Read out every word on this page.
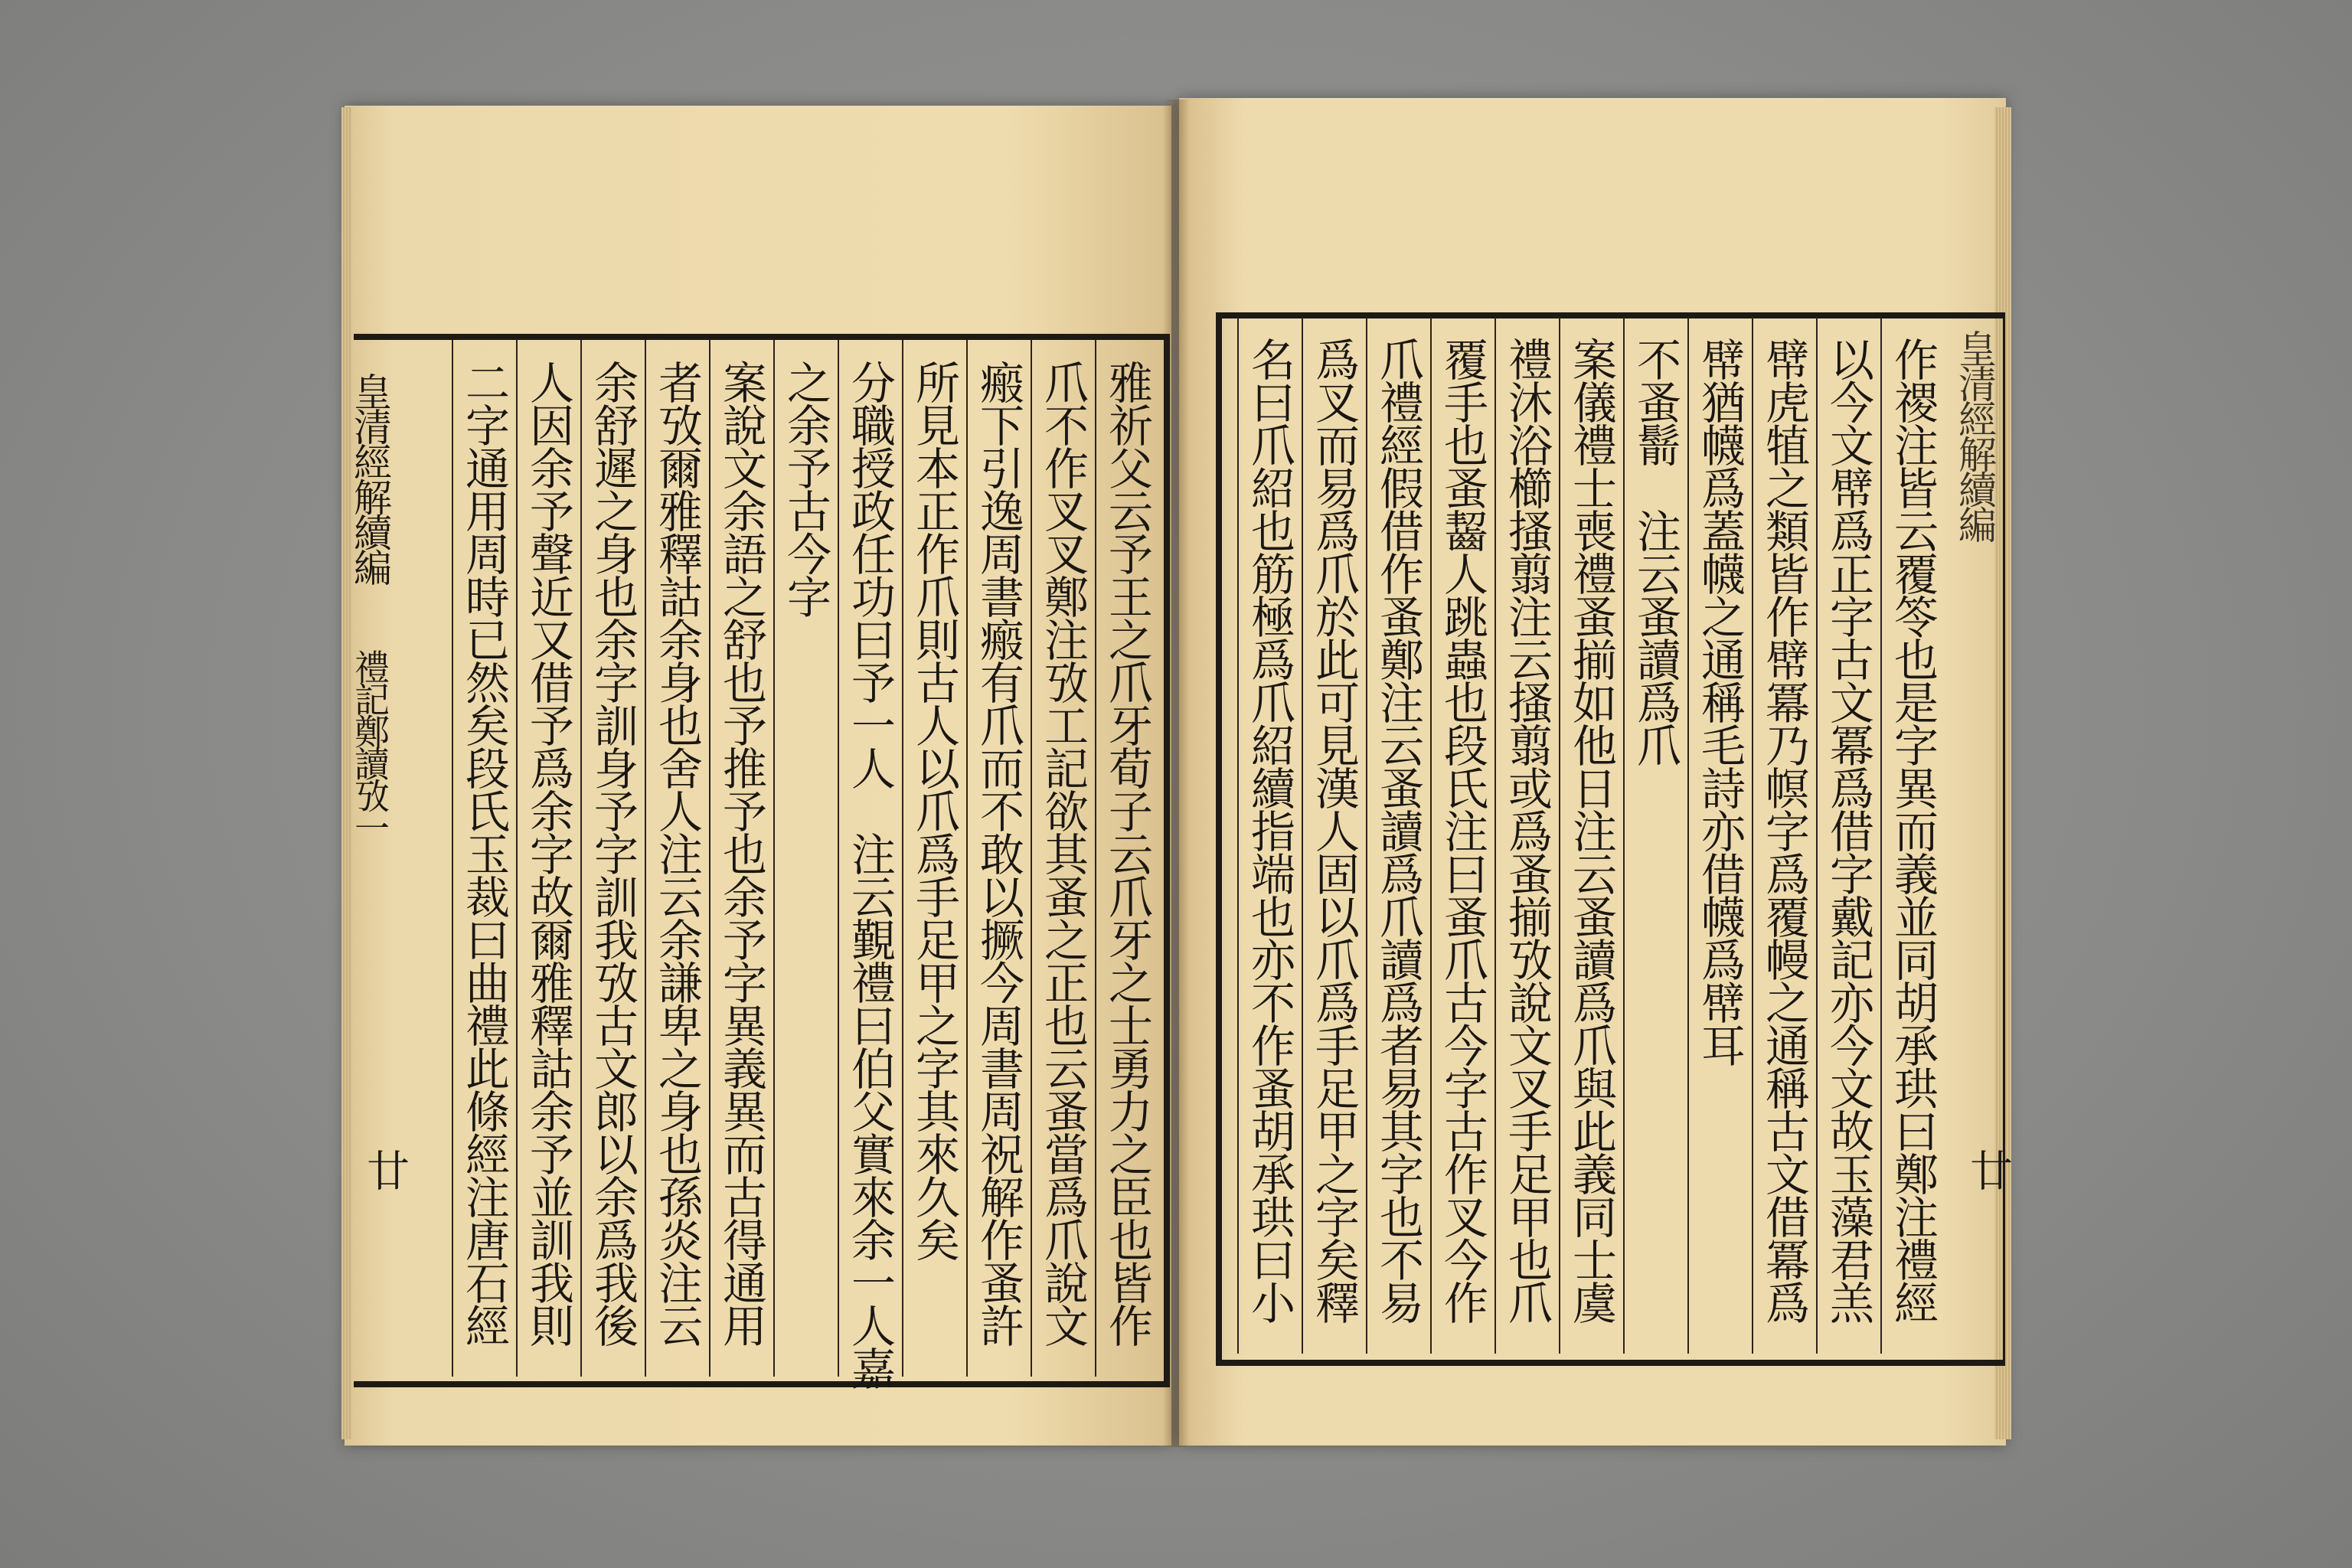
雅祈父云予王之爪牙荀子云爪牙之士勇力之臣也皆作
爪不作叉叉鄭注攷工記欲其蚤之正也云蚤當爲爪說文
瘢下引逸周書瘢有爪而不敢以撅今周書周祝解作蚤許
所見本正作爪則古人以爪爲手足甲之字其來久矣
分職授政任功曰予一人　注云覲禮曰伯父實來余一人嘉
之余予古今字
案說文余語之舒也予推予也余予字異義異而古得通用
者攷爾雅釋詁余身也舍人注云余謙卑之身也孫炎注云
余舒遲之身也余字訓身予字訓我攷古文郎以余爲我後
人因余予聲近又借予爲余字故爾雅釋詁余予並訓我則
二字通用周時已然矣段氏玉裁曰曲禮此條經注唐石經
皇清經解續編
禮記鄭讀攷一
廿	作禝注皆云覆笭也是字異而義並同胡承珙曰鄭注禮經
以今文幦爲正字古文冪爲借字戴記亦今文故玉藻君羔
幦虎犆之類皆作幦冪乃幎字爲覆幔之通稱古文借冪爲
幦猶幭爲蓋幭之通稱毛詩亦借幭爲幦耳
不蚤鬋　注云蚤讀爲爪
案儀禮士喪禮蚤揃如他日注云蚤讀爲爪與此義同士虞
禮沐浴櫛搔翦注云搔翦或爲蚤揃攷說文叉手足甲也爪
覆手也蚤齧人跳蟲也段氏注曰蚤爪古今字古作叉今作
爪禮經假借作蚤鄭注云蚤讀爲爪讀爲者易其字也不易
爲叉而易爲爪於此可見漢人固以爪爲手足甲之字矣釋
名曰爪紹也筋極爲爪紹續指端也亦不作蚤胡承珙曰小	皇清經解續編
廿
